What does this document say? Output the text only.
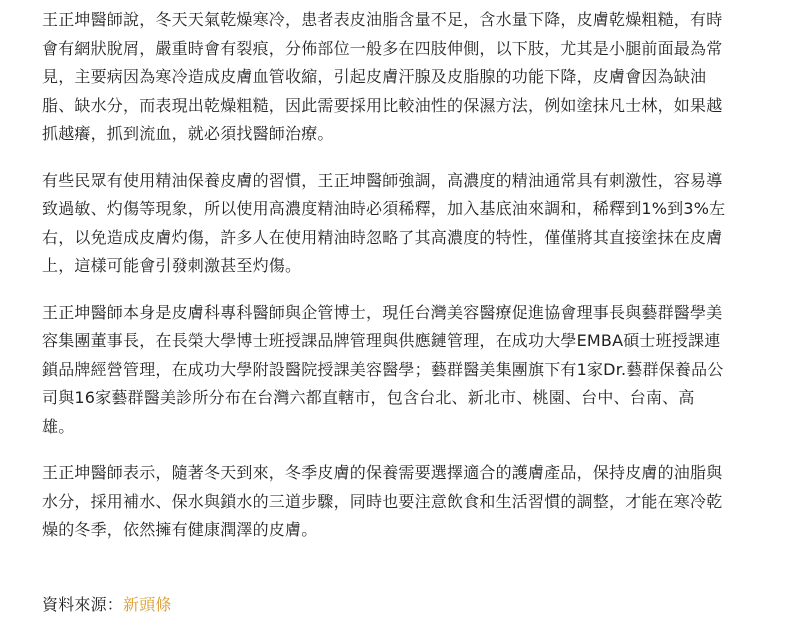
王正坤醫師說，冬天天氣乾燥寒冷，患者表皮油脂含量不足，含水量下降，皮膚乾燥粗糙，有時
會有網狀脫屑，嚴重時會有裂痕，分佈部位一般多在四肢伸側，以下肢，尤其是小腿前面最為常
見，主要病因為寒冷造成皮膚血管收縮，引起皮膚汗腺及皮脂腺的功能下降，皮膚會因為缺油
脂、缺水分，而表現出乾燥粗糙，因此需要採用比較油性的保濕方法，例如塗抹凡士林，如果越
抓越癢，抓到流血，就必須找醫師治療。

有些民眾有使用精油保養皮膚的習慣，王正坤醫師強調，高濃度的精油通常具有刺激性，容易導
致過敏、灼傷等現象，所以使用高濃度精油時必須稀釋，加入基底油來調和，稀釋到1%到3%左
右，以免造成皮膚灼傷，許多人在使用精油時忽略了其高濃度的特性，僅僅將其直接塗抹在皮膚
上，這樣可能會引發刺激甚至灼傷。

王正坤醫師本身是皮膚科專科醫師與企管博士，現任台灣美容醫療促進協會理事長與藝群醫學美
容集團董事長，在長榮大學博士班授課品牌管理與供應鏈管理，在成功大學EMBA碩士班授課連
鎖品牌經營管理，在成功大學附設醫院授課美容醫學；藝群醫美集團旗下有1家Dr.藝群保養品公
司與16家藝群醫美診所分布在台灣六都直轄市，包含台北、新北市、桃園、台中、台南、高
雄。

王正坤醫師表示，隨著冬天到來，冬季皮膚的保養需要選擇適合的護膚產品，保持皮膚的油脂與
水分，採用補水、保水與鎖水的三道步驟，同時也要注意飲食和生活習慣的調整，才能在寒冷乾
燥的冬季，依然擁有健康潤澤的皮膚。

資料來源：新頭條
